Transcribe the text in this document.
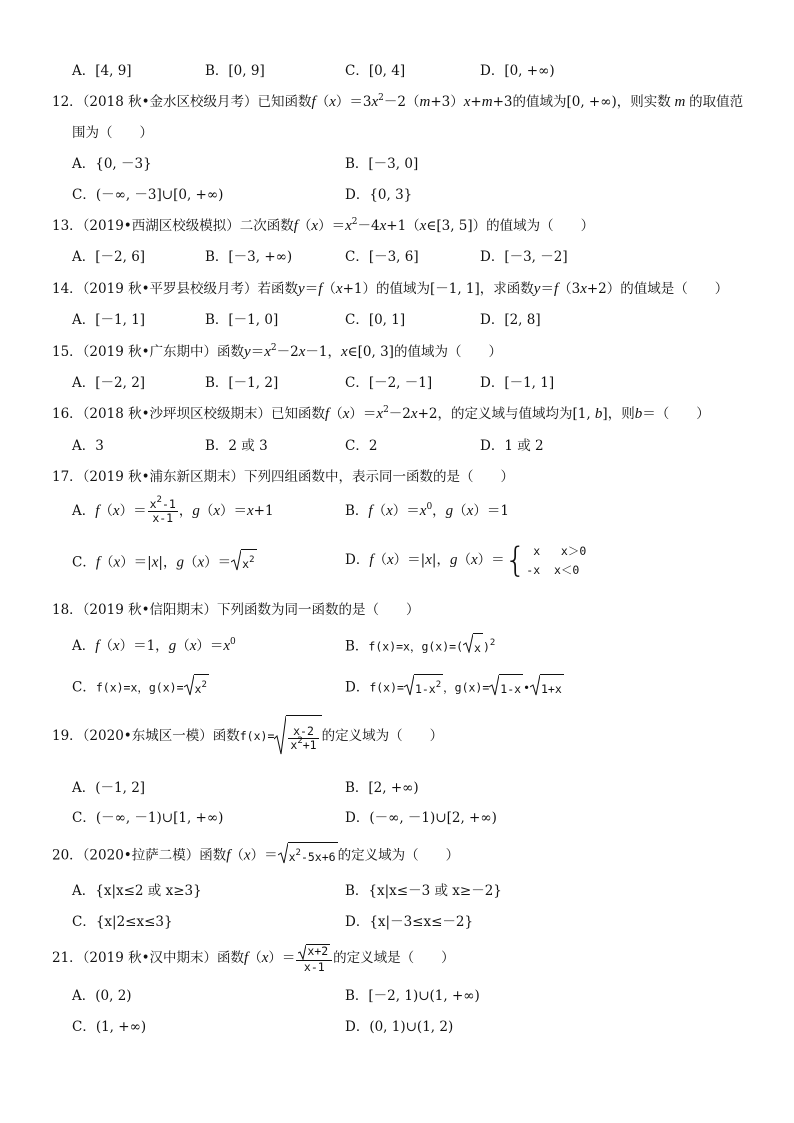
A．[4, 9]	B．[0, 9]	C．[0, 4]	D．[0, +∞)
12．（2018 秋•金水区校级月考）已知函数$f(x)=3x^2-2(m+3)x+m+3$的值域为[0, +∞)，则实数 m 的取值范
围为（　　）
A．{0, －3}	B．[－3, 0]
C．(－∞, －3]∪[0, +∞)	D．{0, 3}
13．（2019•西湖区校级模拟）二次函数$f(x)=x^2-4x+1(x\in[3$, 5]）的值域为（　　）
A．[－2, 6]	B．[－3, +∞)	C．[－3, 6]	D．[－3, －2]
14．（2019 秋•平罗县校级月考）若函数y＝f（x+1）的值域为[－1, 1]，求函数y＝f（3x+2）的值域是（　　）
A．[－1, 1]	B．[－1, 0]	C．[0, 1]	D．[2, 8]
15．（2019 秋•广东期中）函数$y=x^2-2x-1$，x∈[0, 3]的值域为（　　）
A．[－2, 2]	B．[－1, 2]	C．[－2, －1]	D．[－1, 1]
16．（2018 秋•沙坪坝区校级期末）已知函数$f(x)=x^2-2x+2$，的定义域与值域均为[1, b]，则b＝（　　）
A．3	B．2 或 3	C．2	D．1 或 2
17．（2019 秋•浦东新区期末）下列四组函数中，表示同一函数的是（　　）
A．$f(x)= \frac{x^2-1}{x-1}$ ，g（x）＝x+1	B．$f(x)=x^0$，g（x）＝1
C．f（x）＝|x|，$g(x)= x^2$	D．f（x）＝|x|，g（x）＝{ x   x＞0
-x  x＜0
18．（2019 秋•信阳期末）下列函数为同一函数的是（　　）
A．f（x）＝1，$g(x)=x^0$	B．f(x)=x，g(x)=( x )$^2$
C．f(x)=x，$g(x)= x^2$	D．$f(x)= 1-x^2$ ，g(x)= 1-x • 1+x
19．（2020•东城区一模）函数$f(x)= \frac{x-2}{x^2+1}$ 的定义域为（　　）
A．(－1, 2]	B．[2, +∞)
C．(－∞, －1)∪[1, +∞)	D．(－∞, －1)∪[2, +∞)
20．（2020•拉萨二模）函数$f(x)= x^2-5x+6$ 的定义域为（　　）
A．{x|x≤2 或 x≥3}	B．{x|x≤－3 或 x≥－2}
C．{x|2≤x≤3}	D．{x|－3≤x≤－2}
21．（2019 秋•汉中期末）函数$f(x)= \frac{x+2}{x-1}$ 的定义域是（　　）
A．(0, 2)	B．[－2, 1)∪(1, +∞)
C．(1, +∞)	D．(0, 1)∪(1, 2)
